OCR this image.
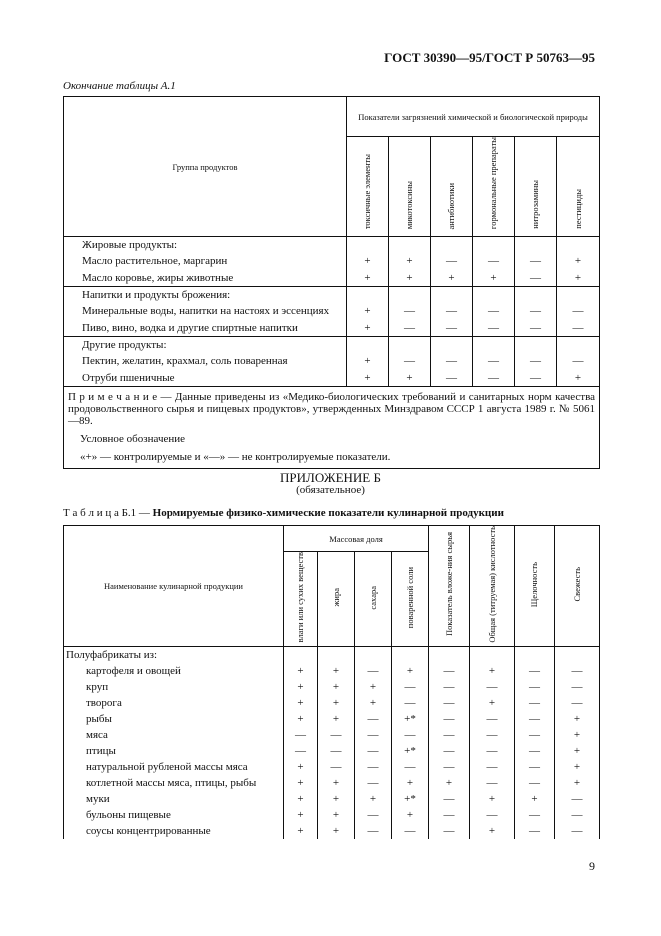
ГОСТ 30390—95/ГОСТ Р 50763—95
Окончание таблицы А.1
Группа продуктов	Показатели загрязнений химической и биологической природы					
	токсичные элементы	микотоксины	антибиотики	гормональные препараты	нитрозамины	пестициды
Жировые продукты:						
Масло растительное, маргарин	+	+	—	—	—	+
Масло коровье, жиры животные	+	+	+	+	—	+
Напитки и продукты брожения:						
Минеральные воды, напитки на настоях и эссенциях	+	—	—	—	—	—
Пиво, вино, водка и другие спиртные напитки	+	—	—	—	—	—
Другие продукты:						
Пектин, желатин, крахмал, соль поваренная	+	—	—	—	—	—
Отруби пшеничные	+	+	—	—	—	+
П р и м е ч а н и е — Данные приведены из «Медико-биологических требований и санитарных норм качества продовольственного сырья и пищевых продуктов», утвержденных Минздравом СССР 1 августа 1989 г. № 5061—89.						
Условное обозначение						
«+» — контролируемые и «—» — не контролируемые показатели.						
ПРИЛОЖЕНИЕ Б
(обязательное)
Т а б л и ц а Б.1 — Нормируемые физико-химические показатели кулинарной продукции
Наименование кулинарной продукции	Массовая доля				Показатель вложе-ния сырья	Общая (титруемая) кислотность	Щелочность	Свежесть
	влаги или сухих веществ	жира	сахара	поваренной соли				
Полуфабрикаты из:								
картофеля и овощей	+	+	—	+	—	+	—	—
круп	+	+	+	—	—	—	—	—
творога	+	+	+	—	—	+	—	—
рыбы	+	+	—	+*	—	—	—	+
мяса	—	—	—	—	—	—	—	+
птицы	—	—	—	+*	—	—	—	+
натуральной рубленой массы мяса	+	—	—	—	—	—	—	+
котлетной массы мяса, птицы, рыбы	+	+	—	+	+	—	—	+
муки	+	+	+	+*	—	+	+	—
бульоны пищевые	+	+	—	+	—	—	—	—
соусы концентрированные	+	+	—	—	—	+	—	—
9
